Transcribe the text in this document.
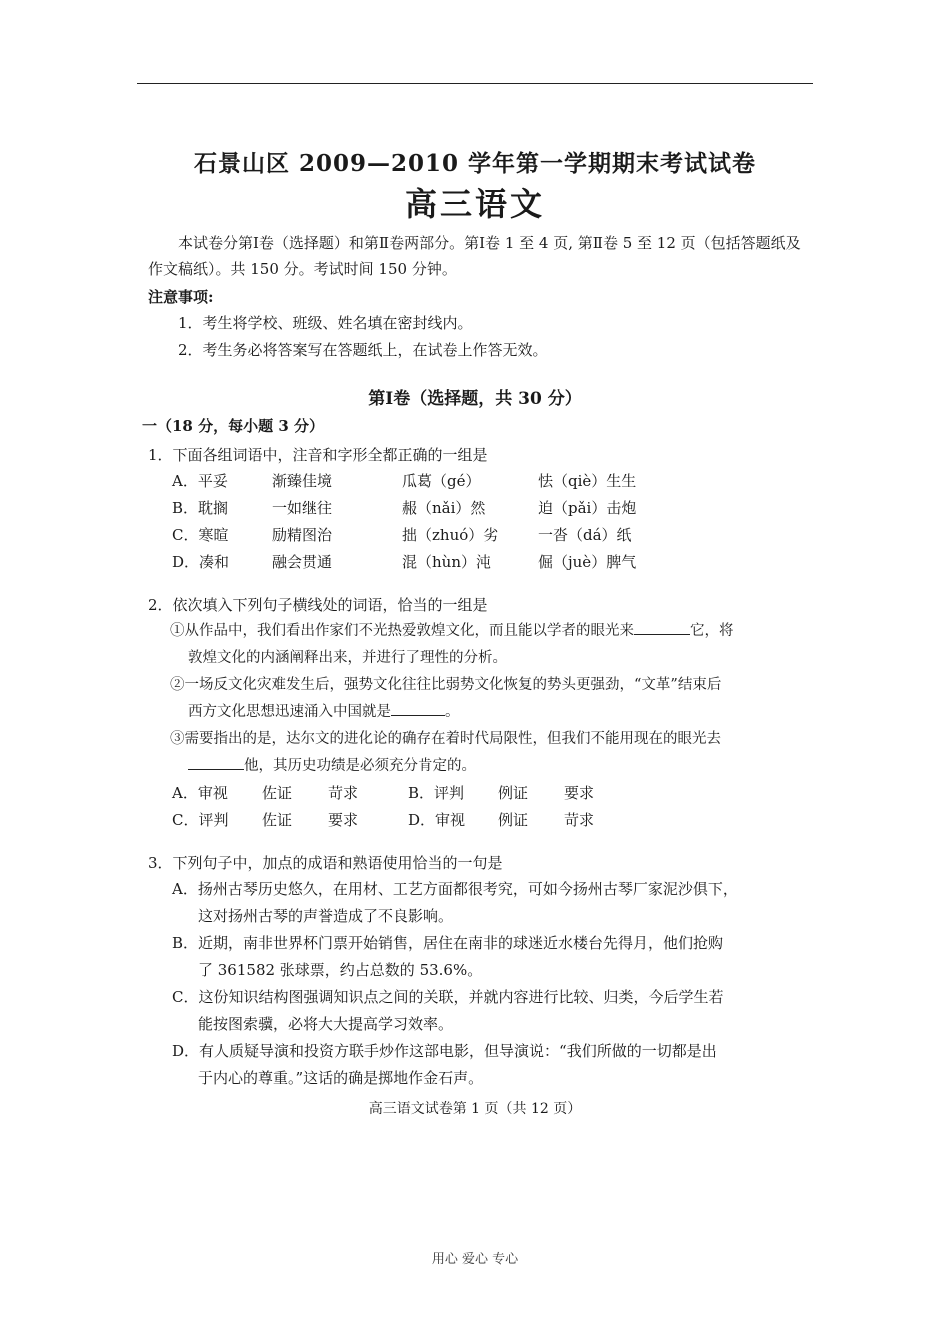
石景山区 2009—2010 学年第一学期期末考试试卷
高三语文

本试卷分第Ⅰ卷（选择题）和第Ⅱ卷两部分。第Ⅰ卷 1 至 4 页, 第Ⅱ卷 5 至 12 页（包括答题纸及作文稿纸）。共 150 分。考试时间 150 分钟。

注意事项:
1．考生将学校、班级、姓名填在密封线内。
2．考生务必将答案写在答题纸上，在试卷上作答无效。
第Ⅰ卷（选择题，共 30 分）
一（18 分，每小题 3 分）
1．下面各组词语中，注音和字形全都正确的一组是
A．平妥	渐臻佳境	瓜葛（gé）	怯（qiè）生生
B．耽搁	一如继往	赧（nǎi）然	迫（pǎi）击炮
C．寒暄	励精图治	拙（zhuó）劣	一沓（dá）纸
D．凑和	融会贯通	混（hùn）沌	倔（juè）脾气
2．依次填入下列句子横线处的词语，恰当的一组是
①从作品中，我们看出作家们不光热爱敦煌文化，而且能以学者的眼光来	它，将
敦煌文化的内涵阐释出来，并进行了理性的分析。
②一场反文化灾难发生后，强势文化往往比弱势文化恢复的势头更强劲，“文革”结束后
西方文化思想迅速涌入中国就是	。
③需要指出的是，达尔文的进化论的确存在着时代局限性，但我们不能用现在的眼光去
他，其历史功绩是必须充分肯定的。
A．审视	佐证	苛求	B．评判	例证	要求
C．评判	佐证	要求	D．审视	例证	苛求
3．下列句子中，加点的成语和熟语使用恰当的一句是
A．扬州古琴历史悠久，在用材、工艺方面都很考究，可如今扬州古琴厂家泥沙俱下，
这对扬州古琴的声誉造成了不良影响。
B．近期，南非世界杯门票开始销售，居住在南非的球迷近水楼台先得月，他们抢购
了 361582 张球票，约占总数的 53.6%。
C．这份知识结构图强调知识点之间的关联，并就内容进行比较、归类，今后学生若
能按图索骥，必将大大提高学习效率。
D．有人质疑导演和投资方联手炒作这部电影，但导演说：“我们所做的一切都是出
于内心的尊重。”这话的确是掷地作金石声。
高三语文试卷第 1 页（共 12 页）
用心 爱心 专心
